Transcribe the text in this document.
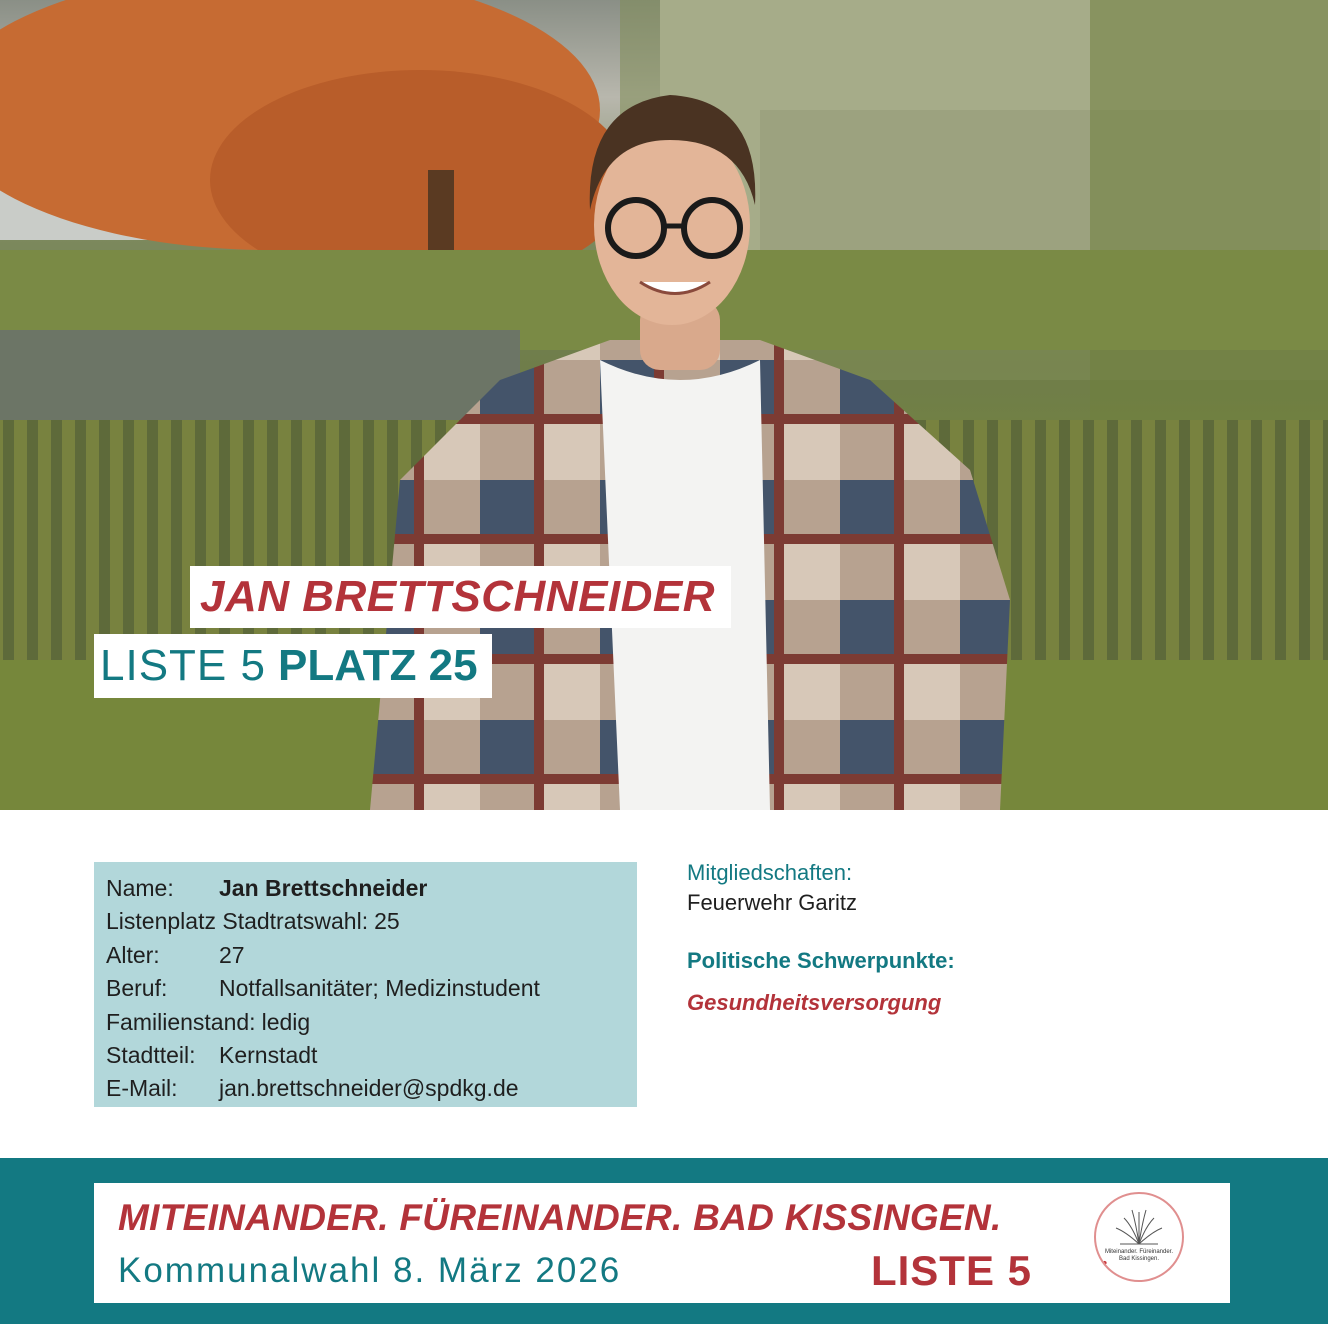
JAN BRETTSCHNEIDER
LISTE 5 PLATZ 25
Name: Jan Brettschneider
Listenplatz Stadtratswahl: 25
Alter:	27
Beruf: Notfallsanitäter; Medizinstudent
Familienstand: ledig
Stadtteil: Kernstadt
E-Mail: jan.brettschneider@spdkg.de
Mitgliedschaften:
Feuerwehr Garitz
Politische Schwerpunkte:
Gesundheitsversorgung
MITEINANDER. FÜREINANDER. BAD KISSINGEN.
Kommunalwahl 8. März 2026	LISTE 5	Miteinander. Füreinander.
Bad Kissingen.
❤
